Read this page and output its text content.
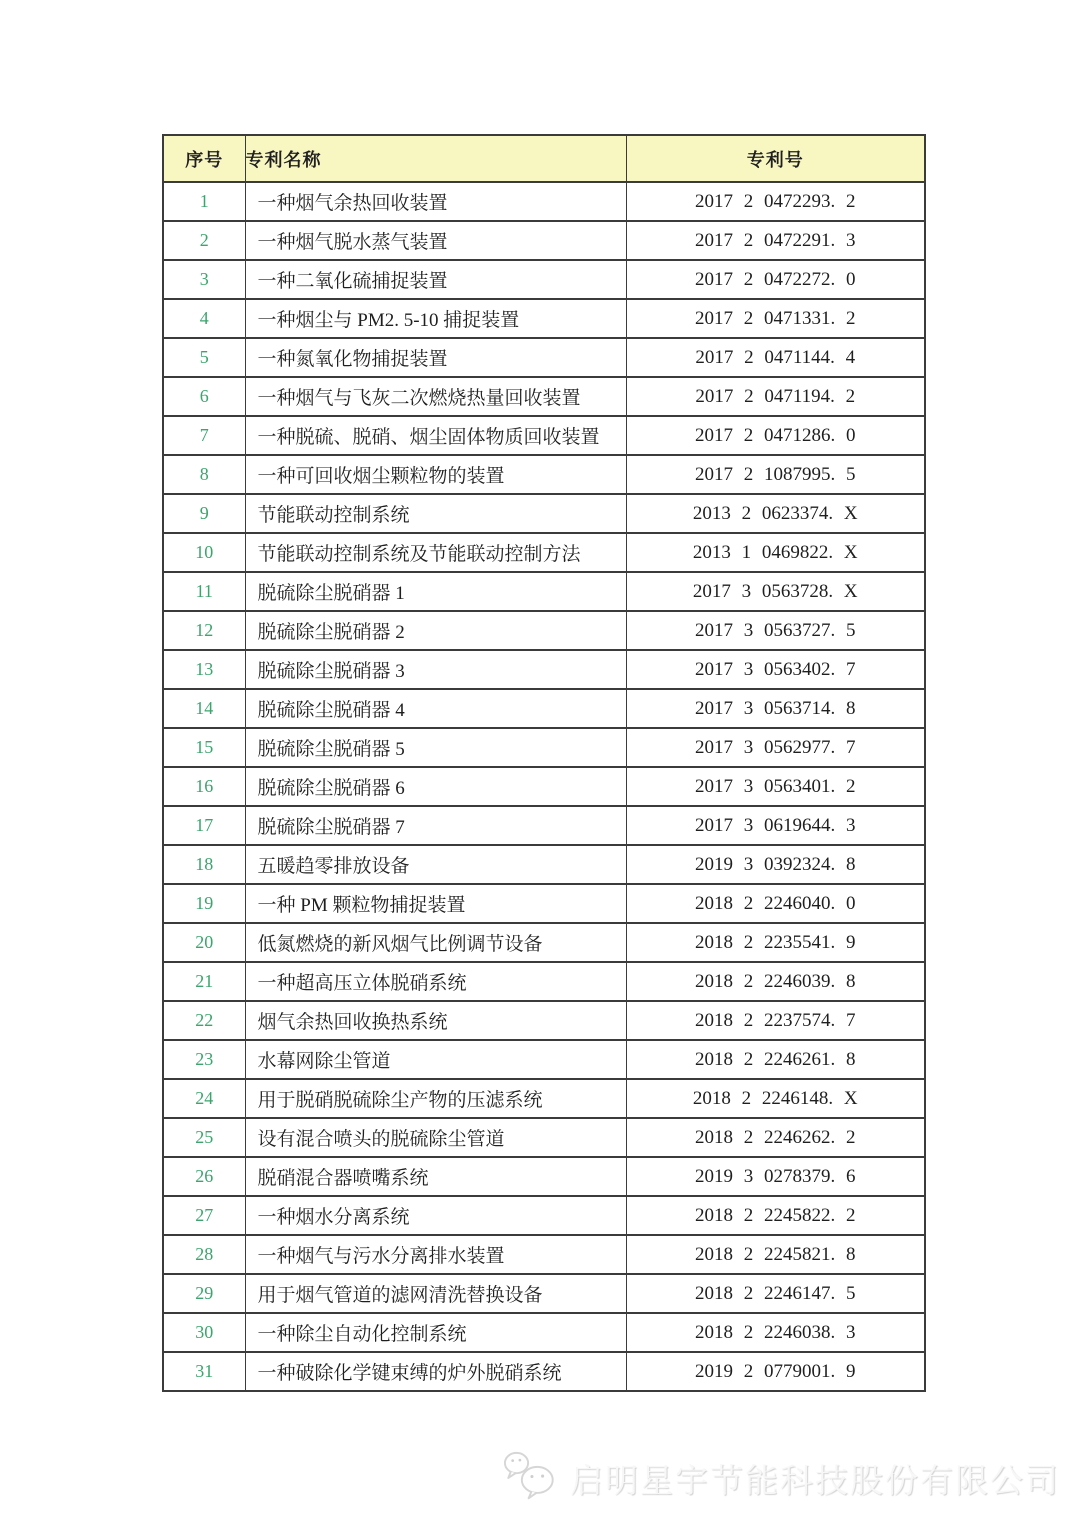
序号	专利名称	专利号
1	一种烟气余热回收装置	2017 2 0472293. 2
2	一种烟气脱水蒸气装置	2017 2 0472291. 3
3	一种二氧化硫捕捉装置	2017 2 0472272. 0
4	一种烟尘与 PM2. 5-10 捕捉装置	2017 2 0471331. 2
5	一种氮氧化物捕捉装置	2017 2 0471144. 4
6	一种烟气与飞灰二次燃烧热量回收装置	2017 2 0471194. 2
7	一种脱硫、脱硝、烟尘固体物质回收装置	2017 2 0471286. 0
8	一种可回收烟尘颗粒物的装置	2017 2 1087995. 5
9	节能联动控制系统	2013 2 0623374. X
10	节能联动控制系统及节能联动控制方法	2013 1 0469822. X
11	脱硫除尘脱硝器 1	2017 3 0563728. X
12	脱硫除尘脱硝器 2	2017 3 0563727. 5
13	脱硫除尘脱硝器 3	2017 3 0563402. 7
14	脱硫除尘脱硝器 4	2017 3 0563714. 8
15	脱硫除尘脱硝器 5	2017 3 0562977. 7
16	脱硫除尘脱硝器 6	2017 3 0563401. 2
17	脱硫除尘脱硝器 7	2017 3 0619644. 3
18	五暖趋零排放设备	2019 3 0392324. 8
19	一种 PM 颗粒物捕捉装置	2018 2 2246040. 0
20	低氮燃烧的新风烟气比例调节设备	2018 2 2235541. 9
21	一种超高压立体脱硝系统	2018 2 2246039. 8
22	烟气余热回收换热系统	2018 2 2237574. 7
23	水幕网除尘管道	2018 2 2246261. 8
24	用于脱硝脱硫除尘产物的压滤系统	2018 2 2246148. X
25	设有混合喷头的脱硫除尘管道	2018 2 2246262. 2
26	脱硝混合器喷嘴系统	2019 3 0278379. 6
27	一种烟水分离系统	2018 2 2245822. 2
28	一种烟气与污水分离排水装置	2018 2 2245821. 8
29	用于烟气管道的滤网清洗替换设备	2018 2 2246147. 5
30	一种除尘自动化控制系统	2018 2 2246038. 3
31	一种破除化学键束缚的炉外脱硝系统	2019 2 0779001. 9
启明星宇节能科技股份有限公司
